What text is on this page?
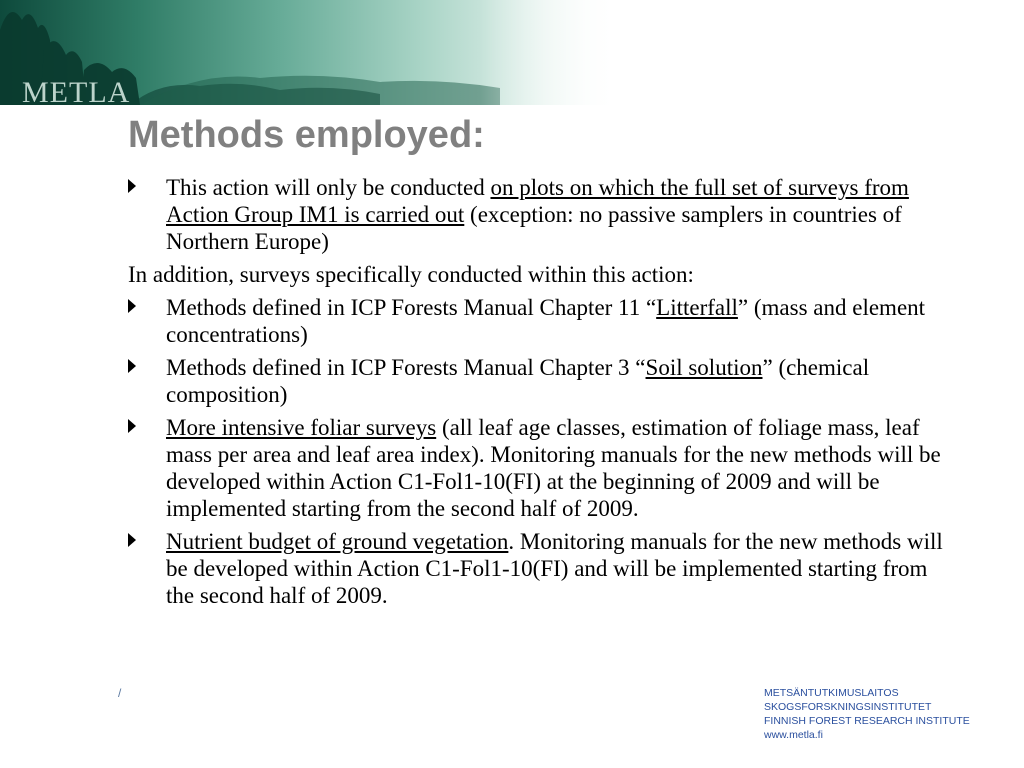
METLA
Methods employed:
This action will only be conducted on plots on which the full set of surveys from Action Group IM1 is carried out (exception: no passive samplers in countries of Northern Europe)
In addition, surveys specifically conducted within this action:
Methods defined in ICP Forests Manual Chapter 11 “Litterfall” (mass and element concentrations)
Methods defined in ICP Forests Manual Chapter 3 “Soil solution” (chemical composition)
More intensive foliar surveys (all leaf age classes, estimation of foliage mass, leaf mass per area and leaf area index). Monitoring manuals for the new methods will be developed within Action C1-Fol1-10(FI) at the beginning of 2009 and will be implemented starting from the second half of 2009.
Nutrient budget of ground vegetation. Monitoring manuals for the new methods will be developed within Action C1-Fol1-10(FI) and will be implemented starting from the second half of 2009.
/	METSÄNTUTKIMUSLAITOS
SKOGSFORSKNINGSINSTITUTET
FINNISH FOREST RESEARCH INSTITUTE
www.metla.fi
